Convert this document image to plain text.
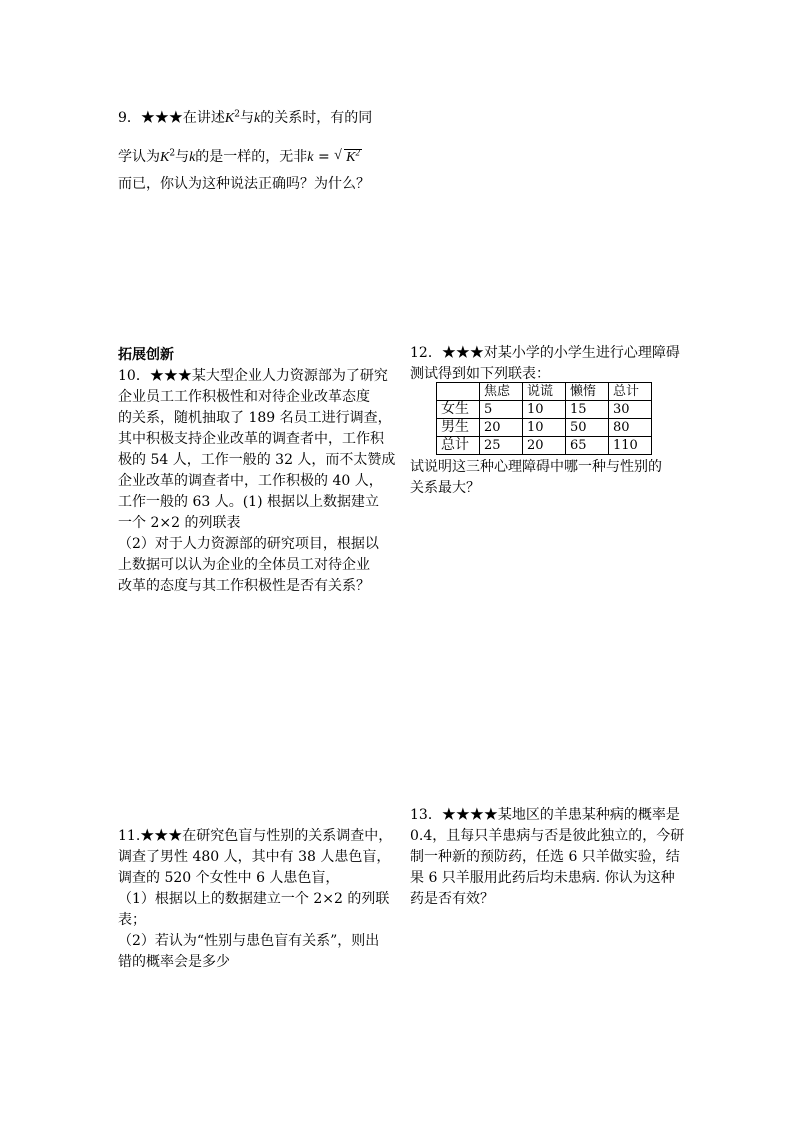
9．★★★在讲述$K^2$与k的关系时，有的同

学认为$K^2$与k的是一样的，无非k = √ $K^2$

而已，你认为这种说法正确吗？为什么？

拓展创新

10．★★★某大型企业人力资源部为了研究

企业员工工作积极性和对待企业改革态度

的关系，随机抽取了 189 名员工进行调查，

其中积极支持企业改革的调查者中，工作积

极的 54 人，工作一般的 32 人，而不太赞成

企业改革的调查者中，工作积极的 40 人，

工作一般的 63 人。(1) 根据以上数据建立

一个 2×2 的列联表

（2）对于人力资源部的研究项目，根据以

上数据可以认为企业的全体员工对待企业

改革的态度与其工作积极性是否有关系？

12．★★★对某小学的小学生进行心理障碍

测试得到如下列联表：

	焦虑	说谎	懒惰	总计
女生	5	10	15	30
男生	20	10	50	80
总计	25	20	65	110

试说明这三种心理障碍中哪一种与性别的

关系最大？

11.★★★在研究色盲与性别的关系调查中，

调查了男性 480 人，其中有 38 人患色盲，

调查的 520 个女性中 6 人患色盲，

（1）根据以上的数据建立一个 2×2 的列联

表；

（2）若认为“性别与患色盲有关系”，则出

错的概率会是多少

13．★★★★某地区的羊患某种病的概率是

0.4，且每只羊患病与否是彼此独立的，今研

制一种新的预防药，任选 6 只羊做实验，结

果 6 只羊服用此药后均未患病. 你认为这种

药是否有效？
